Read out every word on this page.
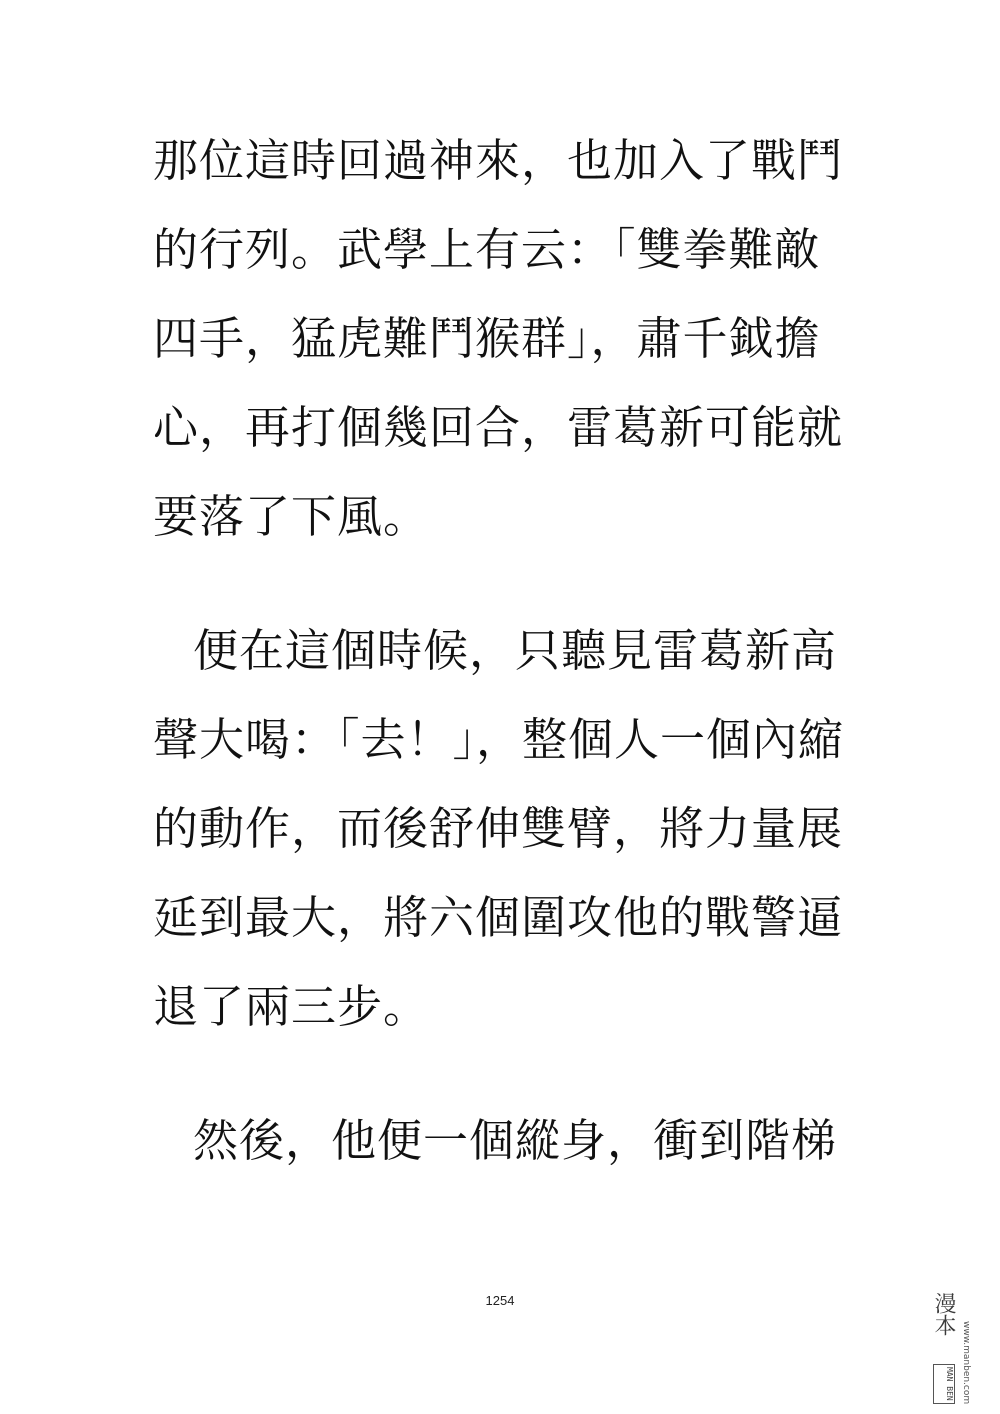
那位這時回過神來，也加入了戰鬥
的行列。武學上有云：「雙拳難敵
四手，猛虎難鬥猴群」，肅千鉞擔
心，再打個幾回合，雷葛新可能就
要落了下風。
便在這個時候，只聽見雷葛新高
聲大喝：「去！」，整個人一個內縮
的動作，而後舒伸雙臂，將力量展
延到最大，將六個圍攻他的戰警逼
退了兩三步。
然後，他便一個縱身，衝到階梯
1254	漫本
MAN BEN www.manben.com
